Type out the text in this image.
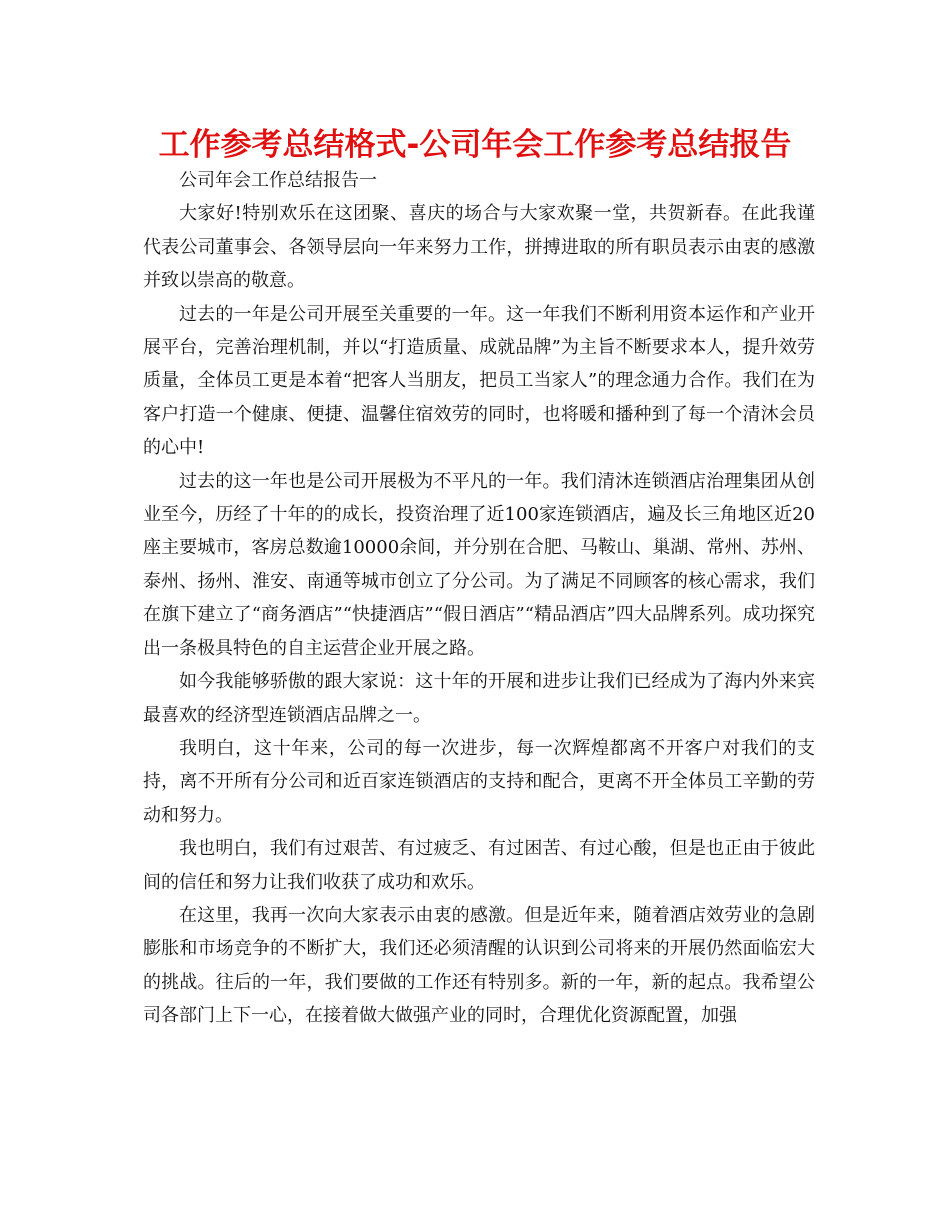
工作参考总结格式-公司年会工作参考总结报告

公司年会工作总结报告一

大家好!特别欢乐在这团聚、喜庆的场合与大家欢聚一堂，共贺新春。在此我谨代表公司董事会、各领导层向一年来努力工作，拼搏进取的所有职员表示由衷的感激并致以崇高的敬意。

过去的一年是公司开展至关重要的一年。这一年我们不断利用资本运作和产业开展平台，完善治理机制，并以“打造质量、成就品牌”为主旨不断要求本人，提升效劳质量，全体员工更是本着“把客人当朋友，把员工当家人”的理念通力合作。我们在为客户打造一个健康、便捷、温馨住宿效劳的同时，也将暖和播种到了每一个清沐会员的心中!

过去的这一年也是公司开展极为不平凡的一年。我们清沐连锁酒店治理集团从创业至今，历经了十年的的成长，投资治理了近100家连锁酒店，遍及长三角地区近20座主要城市，客房总数逾10000余间，并分别在合肥、马鞍山、巢湖、常州、苏州、泰州、扬州、淮安、南通等城市创立了分公司。为了满足不同顾客的核心需求，我们在旗下建立了“商务酒店”“快捷酒店”“假日酒店”“精品酒店”四大品牌系列。成功探究出一条极具特色的自主运营企业开展之路。

如今我能够骄傲的跟大家说：这十年的开展和进步让我们已经成为了海内外来宾最喜欢的经济型连锁酒店品牌之一。

我明白，这十年来，公司的每一次进步，每一次辉煌都离不开客户对我们的支持，离不开所有分公司和近百家连锁酒店的支持和配合，更离不开全体员工辛勤的劳动和努力。

我也明白，我们有过艰苦、有过疲乏、有过困苦、有过心酸，但是也正由于彼此间的信任和努力让我们收获了成功和欢乐。

在这里，我再一次向大家表示由衷的感激。但是近年来，随着酒店效劳业的急剧膨胀和市场竞争的不断扩大，我们还必须清醒的认识到公司将来的开展仍然面临宏大的挑战。往后的一年，我们要做的工作还有特别多。新的一年，新的起点。我希望公司各部门上下一心，在接着做大做强产业的同时，合理优化资源配置，加强
